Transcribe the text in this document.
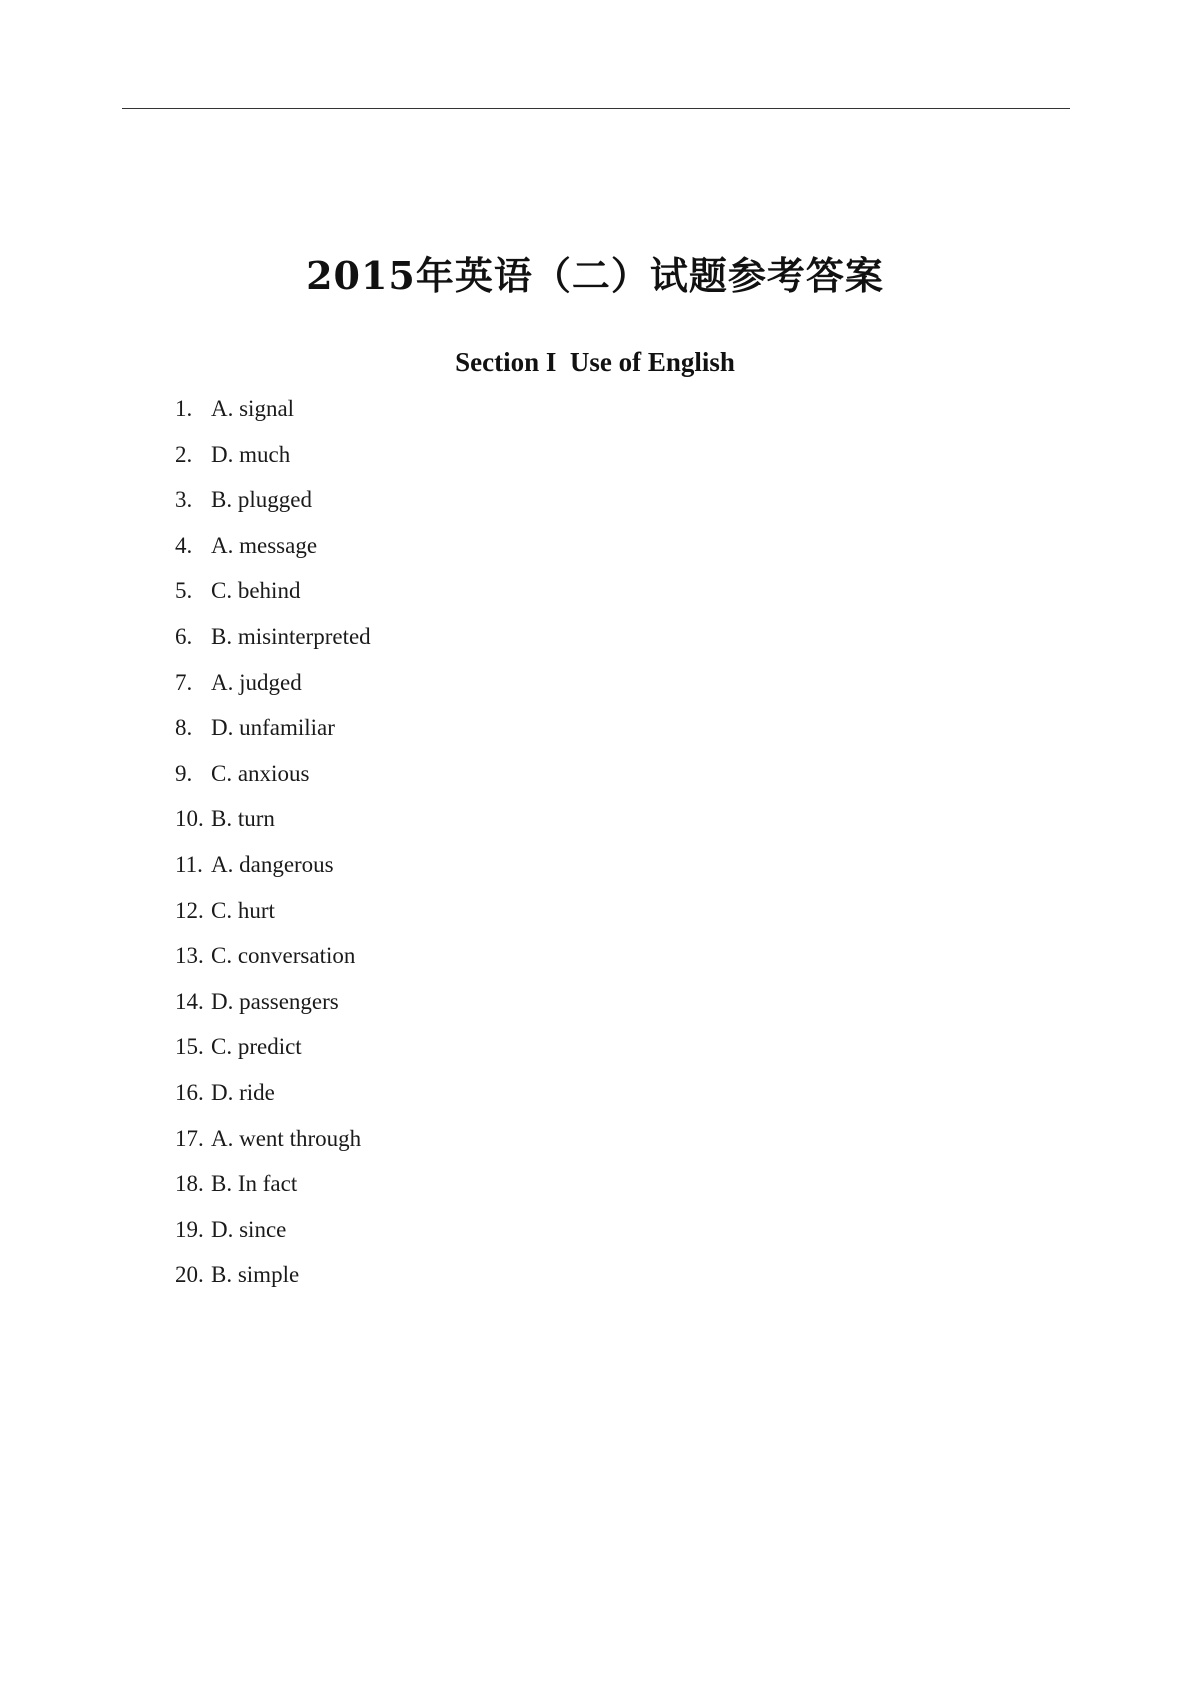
2015年英语（二）试题参考答案
Section I  Use of English
1. A. signal
2. D. much
3. B. plugged
4. A. message
5. C. behind
6. B. misinterpreted
7. A. judged
8. D. unfamiliar
9. C. anxious
10. B. turn
11. A. dangerous
12. C. hurt
13. C. conversation
14. D. passengers
15. C. predict
16. D. ride
17. A. went through
18. B. In fact
19. D. since
20. B. simple
